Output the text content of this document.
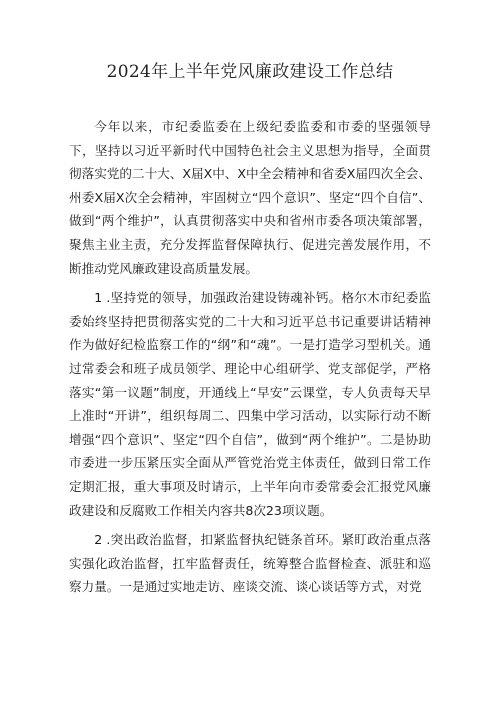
2024年上半年党风廉政建设工作总结

今年以来，市纪委监委在上级纪委监委和市委的坚强领导下，坚持以习近平新时代中国特色社会主义思想为指导，全面贯彻落实党的二十大、X届X中、X中全会精神和省委X届四次全会、州委X届X次全会精神，牢固树立“四个意识”、坚定“四个自信”、做到“两个维护”，认真贯彻落实中央和省州市委各项决策部署，聚焦主业主责，充分发挥监督保障执行、促进完善发展作用，不断推动党风廉政建设高质量发展。

1 .坚持党的领导，加强政治建设铸魂补钙。格尔木市纪委监委始终坚持把贯彻落实党的二十大和习近平总书记重要讲话精神作为做好纪检监察工作的“纲”和“魂”。一是打造学习型机关。通过常委会和班子成员领学、理论中心组研学、党支部促学，严格落实“第一议题”制度，开通线上“早安”云课堂，专人负责每天早上准时“开讲”，组织每周二、四集中学习活动，以实际行动不断增强“四个意识”、坚定“四个自信”，做到“两个维护”。二是协助市委进一步压紧压实全面从严管党治党主体责任，做到日常工作定期汇报，重大事项及时请示，上半年向市委常委会汇报党风廉政建设和反腐败工作相关内容共8次23项议题。

2 .突出政治监督，扣紧监督执纪链条首环。紧盯政治重点落实强化政治监督，扛牢监督责任，统筹整合监督检查、派驻和巡察力量。一是通过实地走访、座谈交流、谈心谈话等方式，对党
